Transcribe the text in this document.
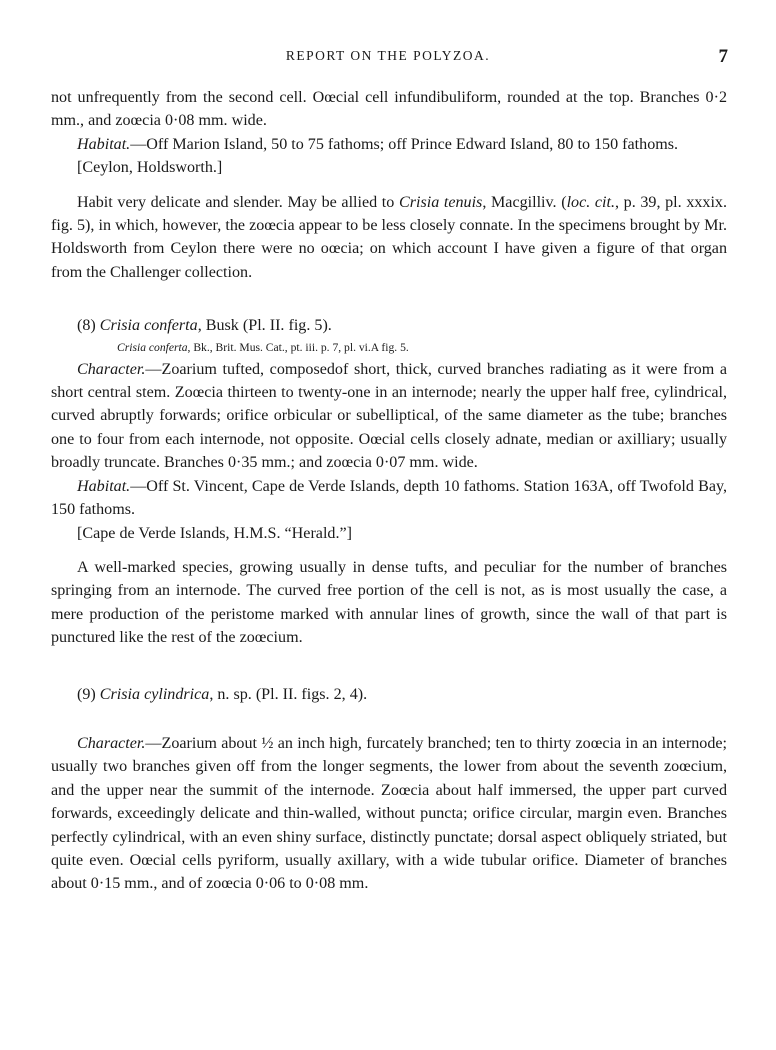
REPORT ON THE POLYZOA.	7

not unfrequently from the second cell. Oœcial cell infundibuliform, rounded at the top. Branches 0·2 mm., and zoœcia 0·08 mm. wide.

Habitat.—Off Marion Island, 50 to 75 fathoms; off Prince Edward Island, 80 to 150 fathoms.

[Ceylon, Holdsworth.]

Habit very delicate and slender. May be allied to Crisia tenuis, Macgilliv. (loc. cit., p. 39, pl. xxxix. fig. 5), in which, however, the zoœcia appear to be less closely connate. In the specimens brought by Mr. Holdsworth from Ceylon there were no oœcia; on which account I have given a figure of that organ from the Challenger collection.

(8) Crisia conferta, Busk (Pl. II. fig. 5).

Crisia conferta, Bk., Brit. Mus. Cat., pt. iii. p. 7, pl. vi.A fig. 5.

Character.—Zoarium tufted, composedof short, thick, curved branches radiating as it were from a short central stem. Zoœcia thirteen to twenty-one in an internode; nearly the upper half free, cylindrical, curved abruptly forwards; orifice orbicular or subelliptical, of the same diameter as the tube; branches one to four from each internode, not opposite. Oœcial cells closely adnate, median or axilliary; usually broadly truncate. Branches 0·35 mm.; and zoœcia 0·07 mm. wide.

Habitat.—Off St. Vincent, Cape de Verde Islands, depth 10 fathoms. Station 163A, off Twofold Bay, 150 fathoms.

[Cape de Verde Islands, H.M.S. “Herald.”]

A well-marked species, growing usually in dense tufts, and peculiar for the number of branches springing from an internode. The curved free portion of the cell is not, as is most usually the case, a mere production of the peristome marked with annular lines of growth, since the wall of that part is punctured like the rest of the zoœcium.

(9) Crisia cylindrica, n. sp. (Pl. II. figs. 2, 4).

Character.—Zoarium about ½ an inch high, furcately branched; ten to thirty zoœcia in an internode; usually two branches given off from the longer segments, the lower from about the seventh zoœcium, and the upper near the summit of the internode. Zoœcia about half immersed, the upper part curved forwards, exceedingly delicate and thin-walled, without puncta; orifice circular, margin even. Branches perfectly cylindrical, with an even shiny surface, distinctly punctate; dorsal aspect obliquely striated, but quite even. Oœcial cells pyriform, usually axillary, with a wide tubular orifice. Diameter of branches about 0·15 mm., and of zoœcia 0·06 to 0·08 mm.
